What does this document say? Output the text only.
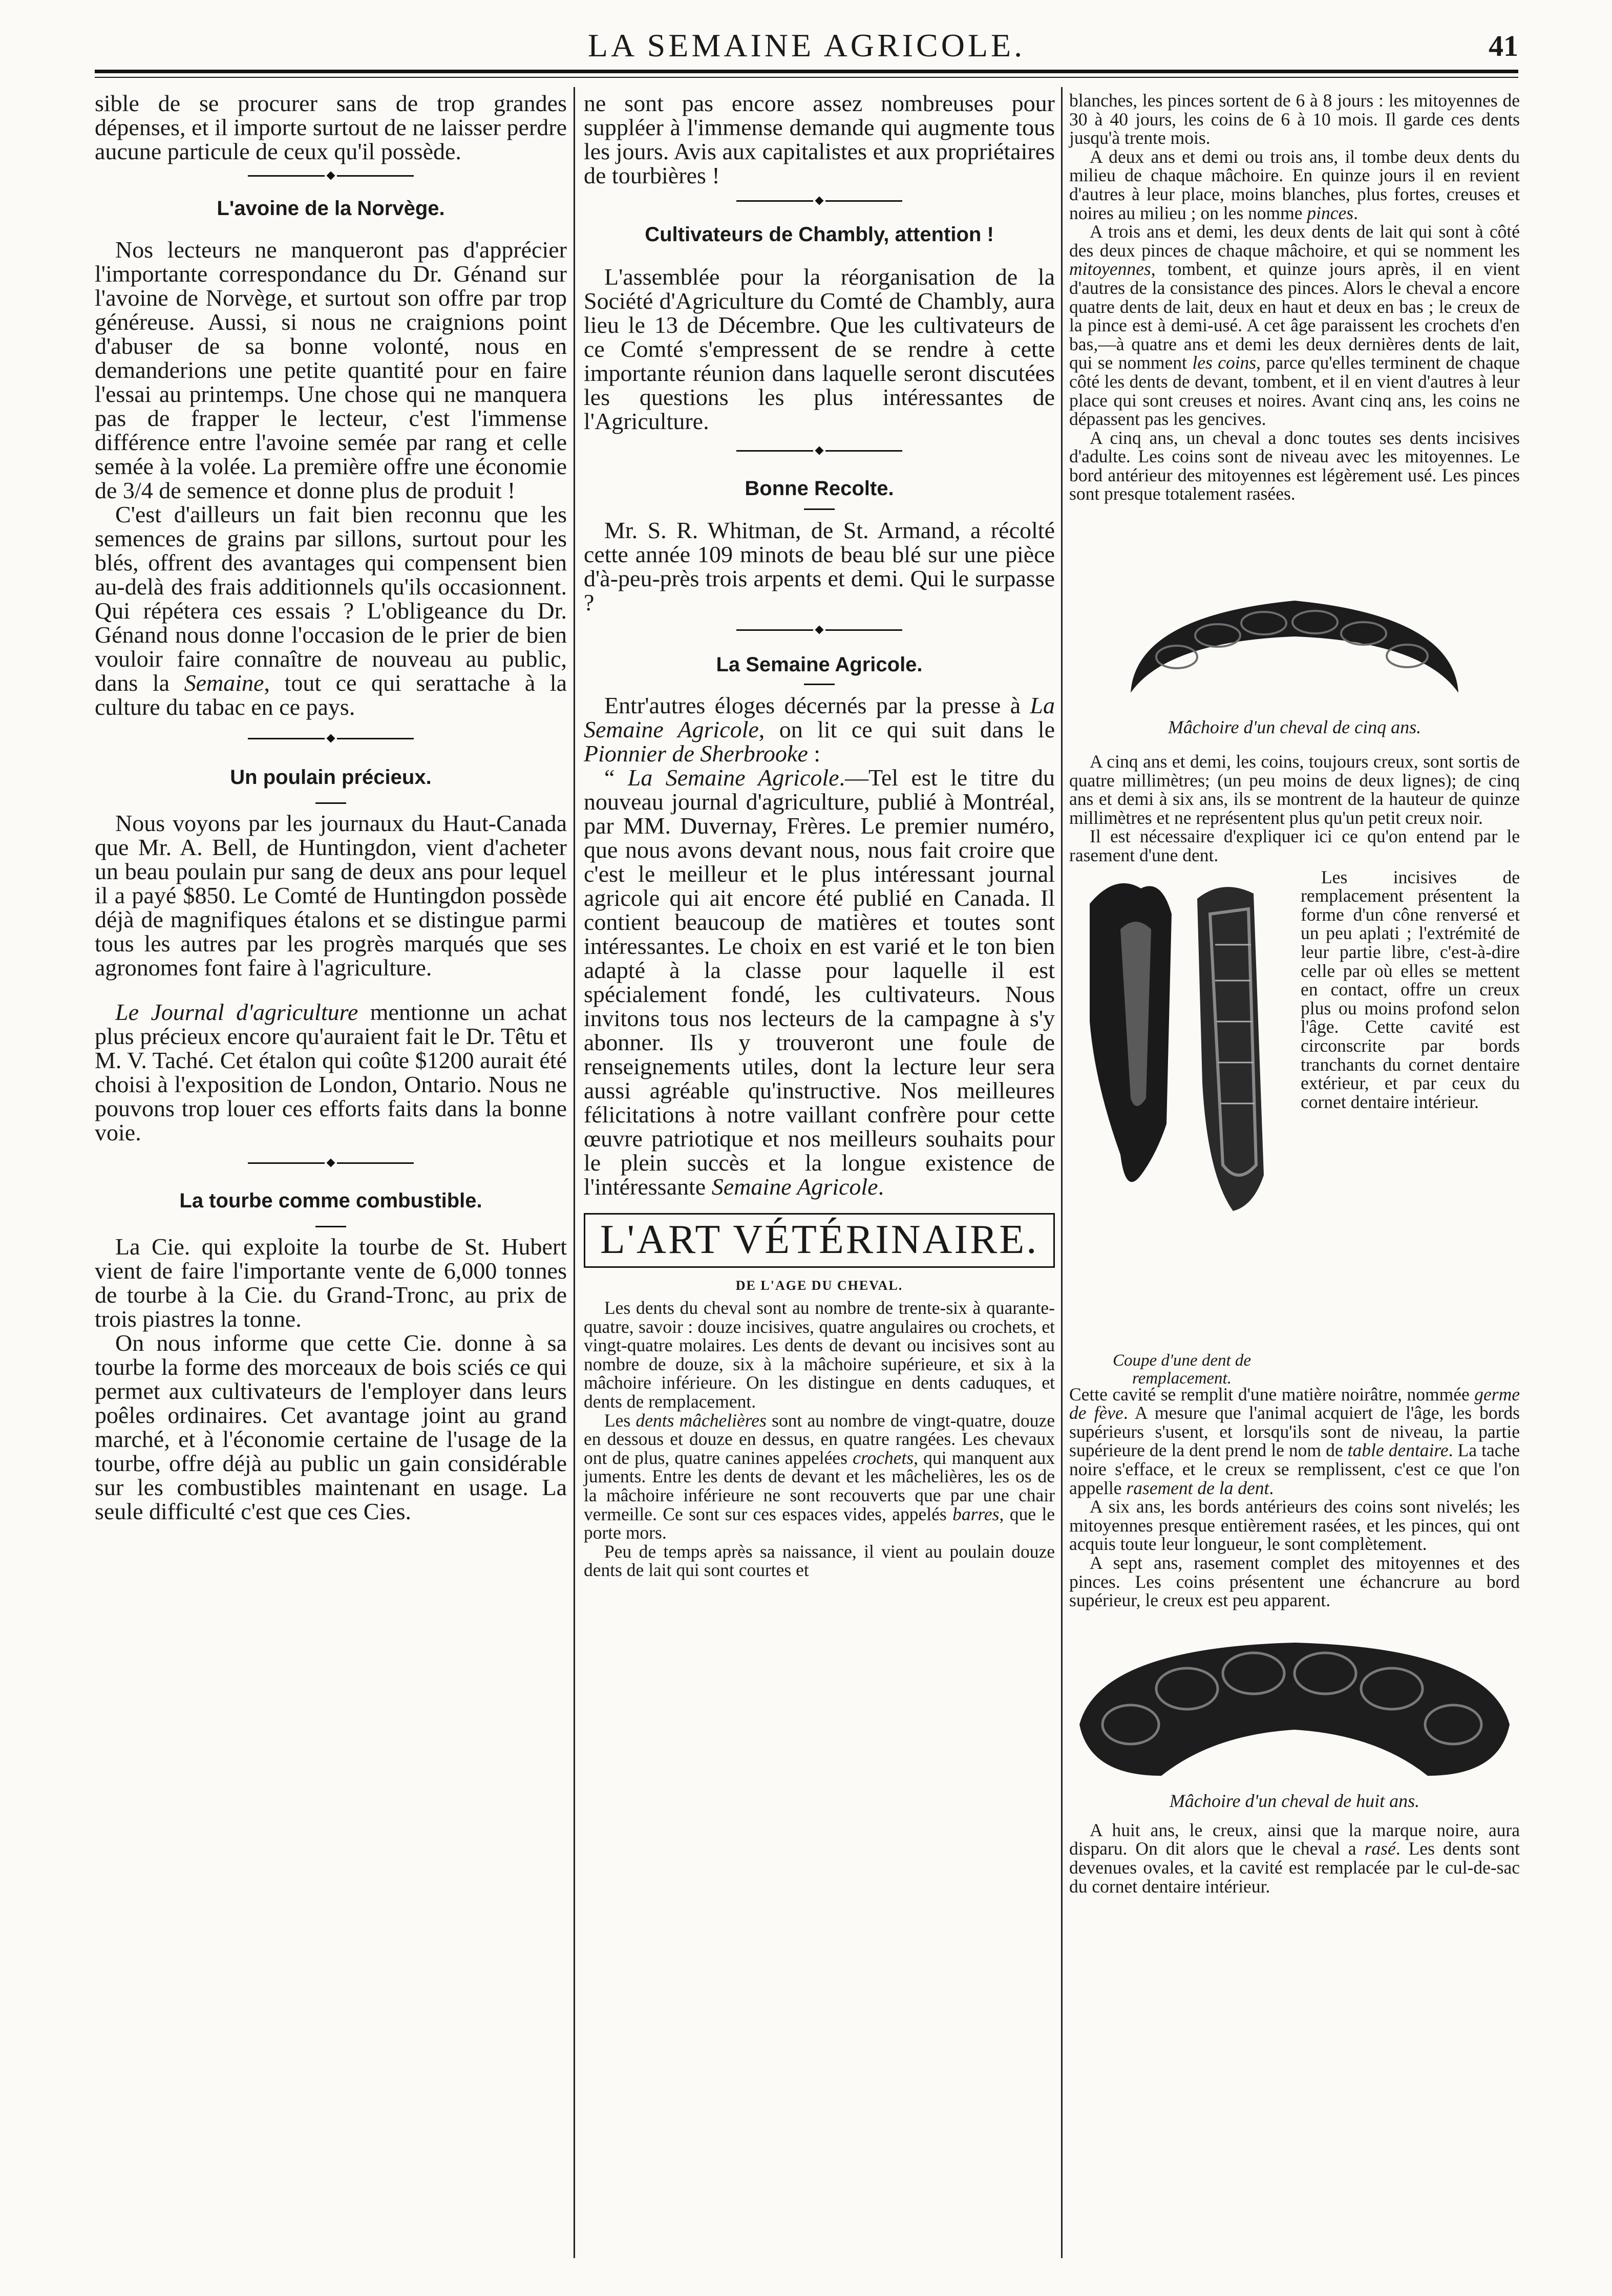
LA SEMAINE AGRICOLE.	41

sible de se procurer sans de trop grandes dépenses, et il importe surtout de ne laisser perdre aucune particule de ceux qu'il possède.

L'avoine de la Norvège.

Nos lecteurs ne manqueront pas d'apprécier l'importante correspondance du Dr. Génand sur l'avoine de Norvège, et surtout son offre par trop généreuse. Aussi, si nous ne craignions point d'abuser de sa bonne volonté, nous en demanderions une petite quantité pour en faire l'essai au printemps. Une chose qui ne manquera pas de frapper le lecteur, c'est l'immense différence entre l'avoine semée par rang et celle semée à la volée. La première offre une économie de 3/4 de semence et donne plus de produit !

C'est d'ailleurs un fait bien reconnu que les semences de grains par sillons, surtout pour les blés, offrent des avantages qui compensent bien au-delà des frais additionnels qu'ils occasionnent. Qui répétera ces essais ? L'obligeance du Dr. Génand nous donne l'occasion de le prier de bien vouloir faire connaître de nouveau au public, dans la Semaine, tout ce qui serattache à la culture du tabac en ce pays.

Un poulain précieux.

Nous voyons par les journaux du Haut-Canada que Mr. A. Bell, de Huntingdon, vient d'acheter un beau poulain pur sang de deux ans pour lequel il a payé $850. Le Comté de Huntingdon possède déjà de magnifiques étalons et se distingue parmi tous les autres par les progrès marqués que ses agronomes font faire à l'agriculture.

Le Journal d'agriculture mentionne un achat plus précieux encore qu'auraient fait le Dr. Têtu et M. V. Taché. Cet étalon qui coûte $1200 aurait été choisi à l'exposition de London, Ontario. Nous ne pouvons trop louer ces efforts faits dans la bonne voie.

La tourbe comme combustible.

La Cie. qui exploite la tourbe de St. Hubert vient de faire l'importante vente de 6,000 tonnes de tourbe à la Cie. du Grand-Tronc, au prix de trois piastres la tonne.

On nous informe que cette Cie. donne à sa tourbe la forme des morceaux de bois sciés ce qui permet aux cultivateurs de l'employer dans leurs poêles ordinaires. Cet avantage joint au grand marché, et à l'économie certaine de l'usage de la tourbe, offre déjà au public un gain considérable sur les combustibles maintenant en usage. La seule difficulté c'est que ces Cies.

ne sont pas encore assez nombreuses pour suppléer à l'immense demande qui augmente tous les jours. Avis aux capitalistes et aux propriétaires de tourbières !

Cultivateurs de Chambly, attention !

L'assemblée pour la réorganisation de la Société d'Agriculture du Comté de Chambly, aura lieu le 13 de Décembre. Que les cultivateurs de ce Comté s'empressent de se rendre à cette importante réunion dans laquelle seront discutées les questions les plus intéressantes de l'Agriculture.

Bonne Recolte.

Mr. S. R. Whitman, de St. Armand, a récolté cette année 109 minots de beau blé sur une pièce d'à-peu-près trois arpents et demi. Qui le surpasse ?

La Semaine Agricole.

Entr'autres éloges décernés par la presse à La Semaine Agricole, on lit ce qui suit dans le Pionnier de Sherbrooke :

“ La Semaine Agricole.—Tel est le titre du nouveau journal d'agriculture, publié à Montréal, par MM. Duvernay, Frères. Le premier numéro, que nous avons devant nous, nous fait croire que c'est le meilleur et le plus intéressant journal agricole qui ait encore été publié en Canada. Il contient beaucoup de matières et toutes sont intéressantes. Le choix en est varié et le ton bien adapté à la classe pour laquelle il est spécialement fondé, les cultivateurs. Nous invitons tous nos lecteurs de la campagne à s'y abonner. Ils y trouveront une foule de renseignements utiles, dont la lecture leur sera aussi agréable qu'instructive. Nos meilleures félicitations à notre vaillant confrère pour cette œuvre patriotique et nos meilleurs souhaits pour le plein succès et la longue existence de l'intéressante Semaine Agricole.

L'ART VÉTÉRINAIRE.
DE L'AGE DU CHEVAL.

Les dents du cheval sont au nombre de trente-six à quarante-quatre, savoir : douze incisives, quatre angulaires ou crochets, et vingt-quatre molaires. Les dents de devant ou incisives sont au nombre de douze, six à la mâchoire supérieure, et six à la mâchoire inférieure. On les distingue en dents caduques, et dents de remplacement.

Les dents mâchelières sont au nombre de vingt-quatre, douze en dessous et douze en dessus, en quatre rangées. Les chevaux ont de plus, quatre canines appelées crochets, qui manquent aux juments. Entre les dents de devant et les mâchelières, les os de la mâchoire inférieure ne sont recouverts que par une chair vermeille. Ce sont sur ces espaces vides, appelés barres, que le porte mors.

Peu de temps après sa naissance, il vient au poulain douze dents de lait qui sont courtes et

blanches, les pinces sortent de 6 à 8 jours : les mitoyennes de 30 à 40 jours, les coins de 6 à 10 mois. Il garde ces dents jusqu'à trente mois.

A deux ans et demi ou trois ans, il tombe deux dents du milieu de chaque mâchoire. En quinze jours il en revient d'autres à leur place, moins blanches, plus fortes, creuses et noires au milieu ; on les nomme pinces.

A trois ans et demi, les deux dents de lait qui sont à côté des deux pinces de chaque mâchoire, et qui se nomment les mitoyennes, tombent, et quinze jours après, il en vient d'autres de la consistance des pinces. Alors le cheval a encore quatre dents de lait, deux en haut et deux en bas ; le creux de la pince est à demi-usé. A cet âge paraissent les crochets d'en bas,—à quatre ans et demi les deux dernières dents de lait, qui se nomment les coins, parce qu'elles terminent de chaque côté les dents de devant, tombent, et il en vient d'autres à leur place qui sont creuses et noires. Avant cinq ans, les coins ne dépassent pas les gencives.

A cinq ans, un cheval a donc toutes ses dents incisives d'adulte. Les coins sont de niveau avec les mitoyennes. Le bord antérieur des mitoyennes est légèrement usé. Les pinces sont presque totalement rasées.

Mâchoire d'un cheval de cinq ans.

A cinq ans et demi, les coins, toujours creux, sont sortis de quatre millimètres; (un peu moins de deux lignes); de cinq ans et demi à six ans, ils se montrent de la hauteur de quinze millimètres et ne représentent plus qu'un petit creux noir.

Il est nécessaire d'expliquer ici ce qu'on entend par le rasement d'une dent.

Coupe d'une dent de remplacement.

Les incisives de remplacement présentent la forme d'un cône renversé et un peu aplati ; l'extrémité de leur partie libre, c'est-à-dire celle par où elles se mettent en contact, offre un creux plus ou moins profond selon l'âge. Cette cavité est circonscrite par bords tranchants du cornet dentaire extérieur, et par ceux du cornet dentaire intérieur.

Cette cavité se remplit d'une matière noirâtre, nommée germe de fève. A mesure que l'animal acquiert de l'âge, les bords supérieurs s'usent, et lorsqu'ils sont de niveau, la partie supérieure de la dent prend le nom de table dentaire. La tache noire s'efface, et le creux se remplissent, c'est ce que l'on appelle rasement de la dent.

A six ans, les bords antérieurs des coins sont nivelés; les mitoyennes presque entièrement rasées, et les pinces, qui ont acquis toute leur longueur, le sont complètement.

A sept ans, rasement complet des mitoyennes et des pinces. Les coins présentent une échancrure au bord supérieur, le creux est peu apparent.

Mâchoire d'un cheval de huit ans.

A huit ans, le creux, ainsi que la marque noire, aura disparu. On dit alors que le cheval a rasé. Les dents sont devenues ovales, et la cavité est remplacée par le cul-de-sac du cornet dentaire intérieur.
